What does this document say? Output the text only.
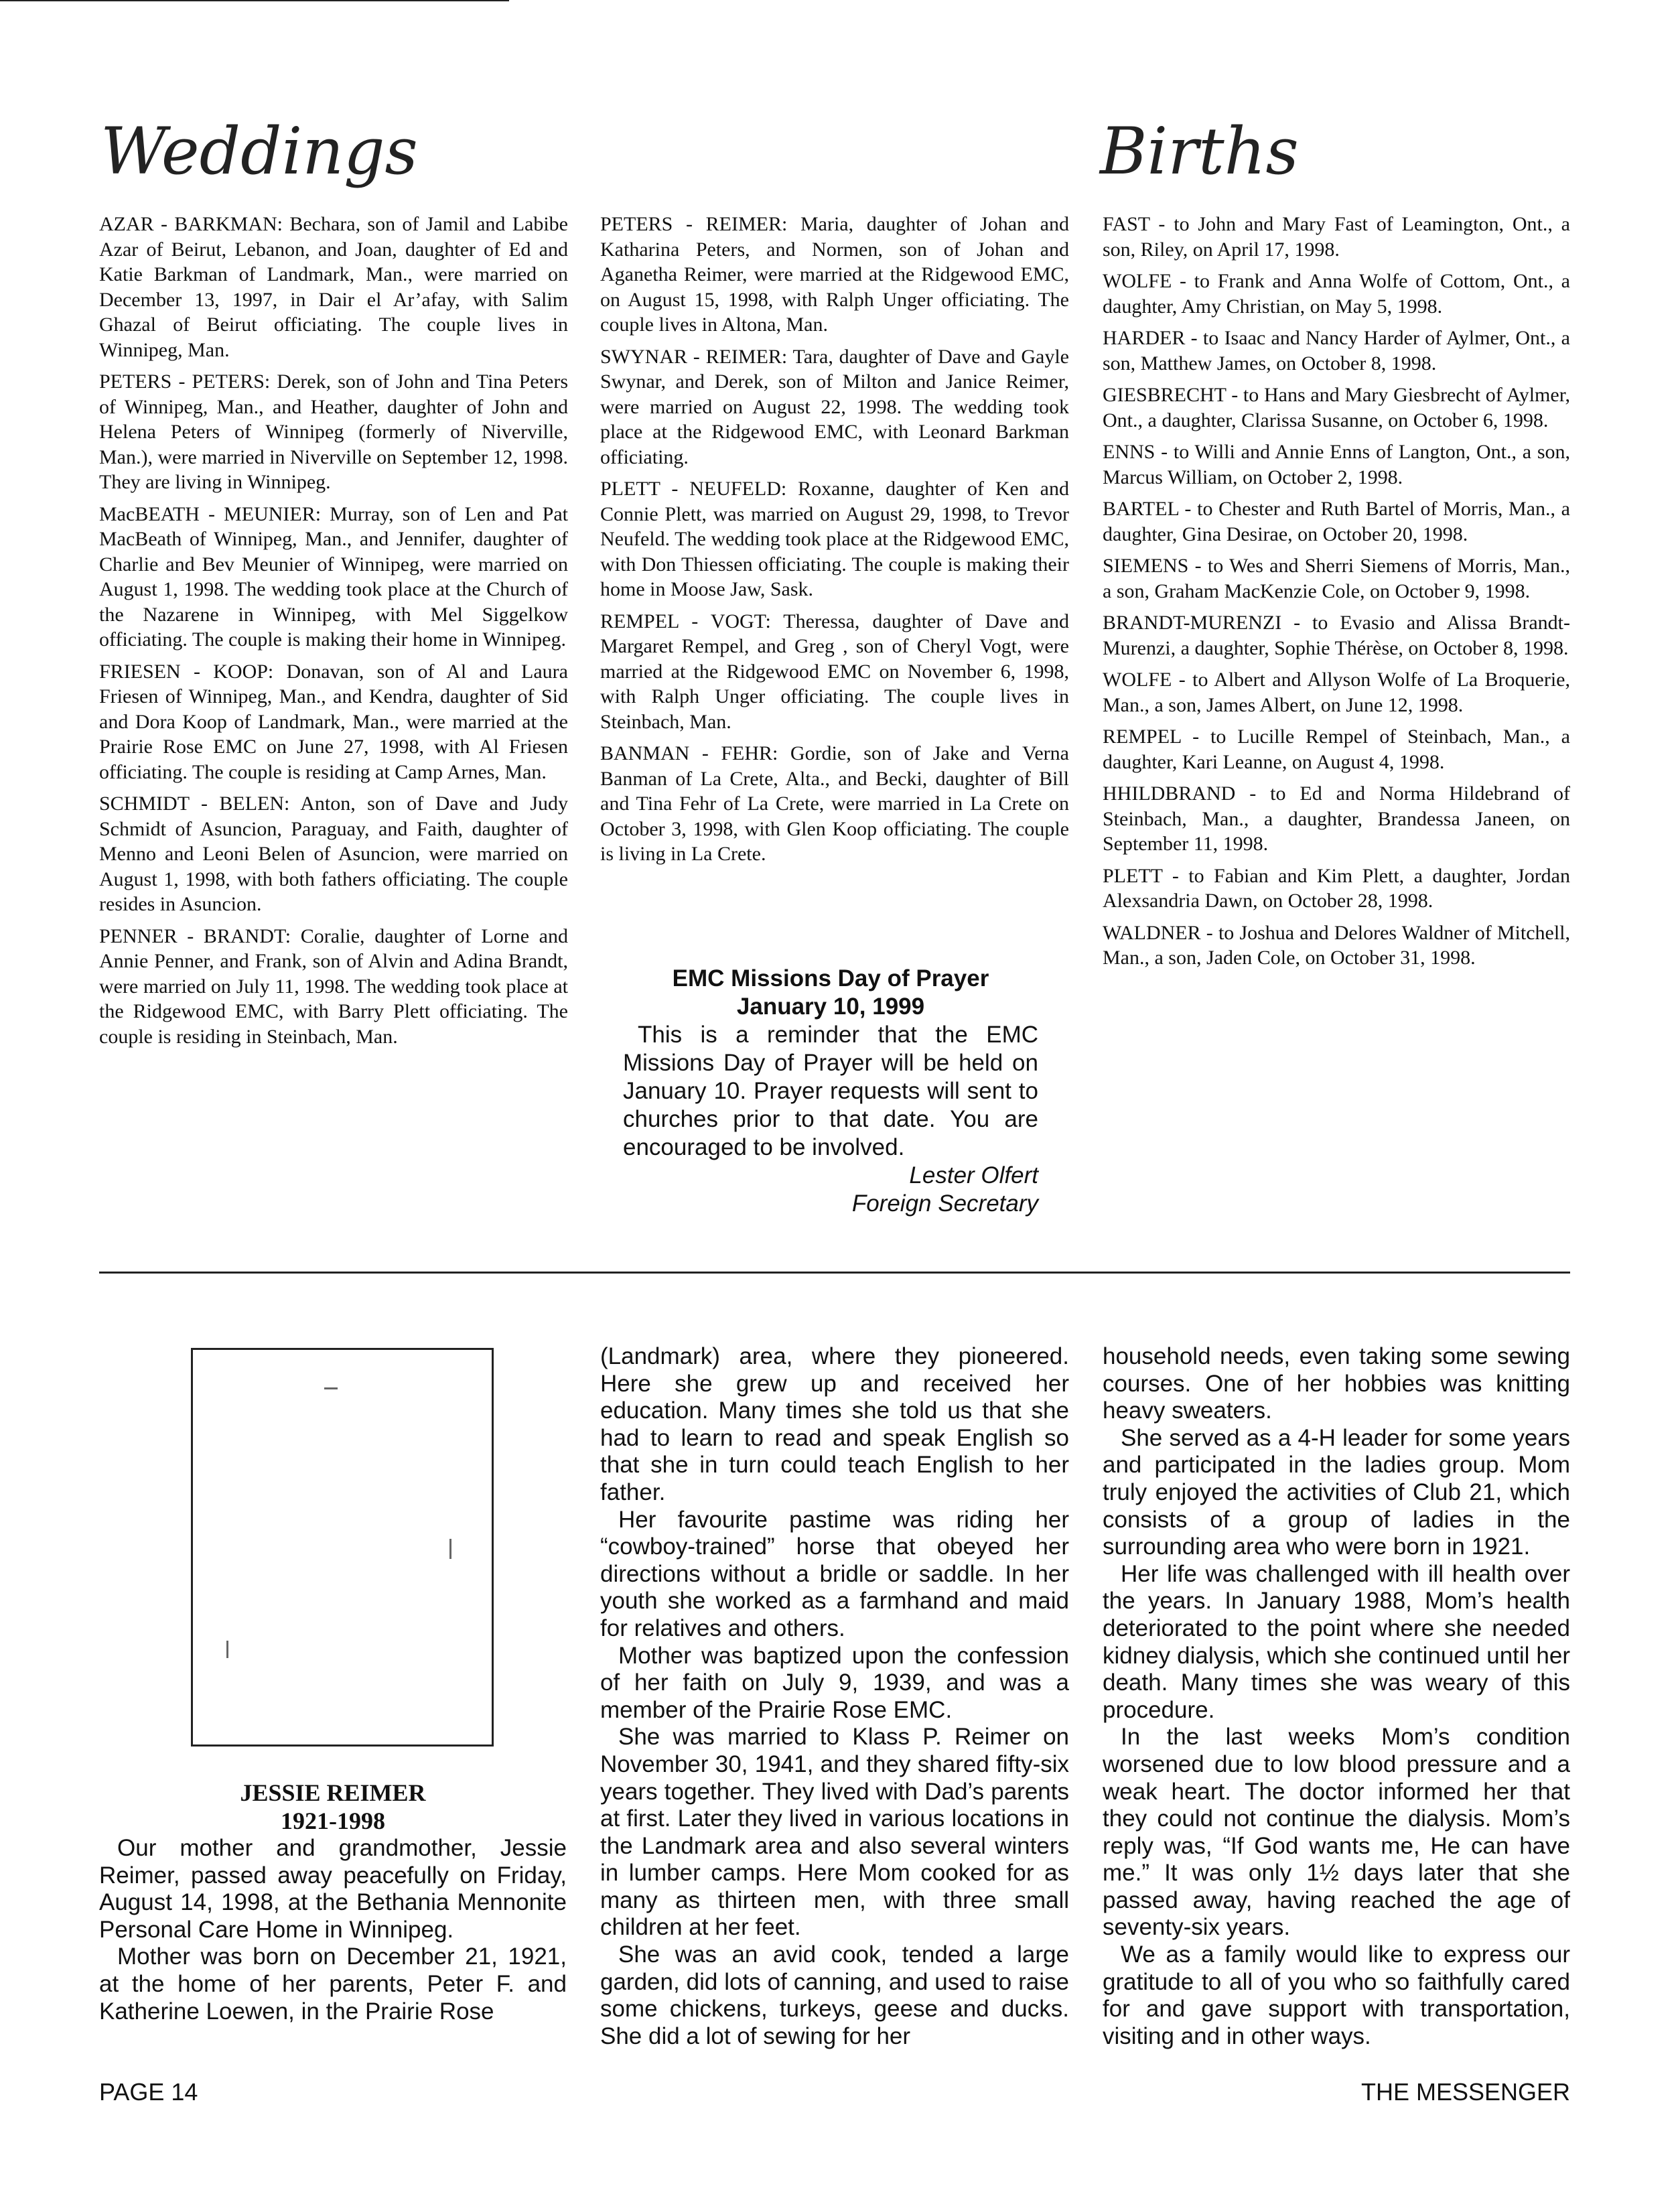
Weddings	Births

AZAR - BARKMAN: Bechara, son of Jamil and Labibe Azar of Beirut, Lebanon, and Joan, daughter of Ed and Katie Barkman of Landmark, Man., were married on December 13, 1997, in Dair el Ar’afay, with Salim Ghazal of Beirut officiating. The couple lives in Winnipeg, Man.

PETERS - PETERS: Derek, son of John and Tina Peters of Winnipeg, Man., and Heather, daughter of John and Helena Peters of Winnipeg (formerly of Niverville, Man.), were married in Niverville on September 12, 1998. They are living in Winnipeg.

MacBEATH - MEUNIER: Murray, son of Len and Pat MacBeath of Winnipeg, Man., and Jennifer, daughter of Charlie and Bev Meunier of Winnipeg, were married on August 1, 1998. The wedding took place at the Church of the Nazarene in Winnipeg, with Mel Siggelkow officiating. The couple is making their home in Winnipeg.

FRIESEN - KOOP: Donavan, son of Al and Laura Friesen of Winnipeg, Man., and Kendra, daughter of Sid and Dora Koop of Landmark, Man., were married at the Prairie Rose EMC on June 27, 1998, with Al Friesen officiating. The couple is residing at Camp Arnes, Man.

SCHMIDT - BELEN: Anton, son of Dave and Judy Schmidt of Asuncion, Paraguay, and Faith, daughter of Menno and Leoni Belen of Asuncion, were married on August 1, 1998, with both fathers officiating. The couple resides in Asuncion.

PENNER - BRANDT: Coralie, daughter of Lorne and Annie Penner, and Frank, son of Alvin and Adina Brandt, were married on July 11, 1998. The wedding took place at the Ridgewood EMC, with Barry Plett officiating. The couple is residing in Steinbach, Man.

PETERS - REIMER: Maria, daughter of Johan and Katharina Peters, and Normen, son of Johan and Aganetha Reimer, were married at the Ridgewood EMC, on August 15, 1998, with Ralph Unger officiating. The couple lives in Altona, Man.

SWYNAR - REIMER: Tara, daughter of Dave and Gayle Swynar, and Derek, son of Milton and Janice Reimer, were married on August 22, 1998. The wedding took place at the Ridgewood EMC, with Leonard Barkman officiating.

PLETT - NEUFELD: Roxanne, daughter of Ken and Connie Plett, was married on August 29, 1998, to Trevor Neufeld. The wedding took place at the Ridgewood EMC, with Don Thiessen officiating. The couple is making their home in Moose Jaw, Sask.

REMPEL - VOGT: Theressa, daughter of Dave and Margaret Rempel, and Greg , son of Cheryl Vogt, were married at the Ridgewood EMC on November 6, 1998, with Ralph Unger officiating. The couple lives in Steinbach, Man.

BANMAN - FEHR: Gordie, son of Jake and Verna Banman of La Crete, Alta., and Becki, daughter of Bill and Tina Fehr of La Crete, were married in La Crete on October 3, 1998, with Glen Koop officiating. The couple is living in La Crete.

EMC Missions Day of Prayer
January 10, 1999
This is a reminder that the EMC Missions Day of Prayer will be held on January 10. Prayer requests will sent to churches prior to that date. You are encouraged to be involved.
Lester Olfert
Foreign Secretary

FAST - to John and Mary Fast of Leamington, Ont., a son, Riley, on April 17, 1998.

WOLFE - to Frank and Anna Wolfe of Cottom, Ont., a daughter, Amy Christian, on May 5, 1998.

HARDER - to Isaac and Nancy Harder of Aylmer, Ont., a son, Matthew James, on October 8, 1998.

GIESBRECHT - to Hans and Mary Giesbrecht of Aylmer, Ont., a daughter, Clarissa Susanne, on October 6, 1998.

ENNS - to Willi and Annie Enns of Langton, Ont., a son, Marcus William, on October 2, 1998.

BARTEL - to Chester and Ruth Bartel of Morris, Man., a daughter, Gina Desirae, on October 20, 1998.

SIEMENS - to Wes and Sherri Siemens of Morris, Man., a son, Graham MacKenzie Cole, on October 9, 1998.

BRANDT-MURENZI - to Evasio and Alissa Brandt-Murenzi, a daughter, Sophie Thérèse, on October 8, 1998.

WOLFE - to Albert and Allyson Wolfe of La Broquerie, Man., a son, James Albert, on June 12, 1998.

REMPEL - to Lucille Rempel of Steinbach, Man., a daughter, Kari Leanne, on August 4, 1998.

HHILDBRAND - to Ed and Norma Hildebrand of Steinbach, Man., a daughter, Brandessa Janeen, on September 11, 1998.

PLETT - to Fabian and Kim Plett, a daughter, Jordan Alexsandria Dawn, on October 28, 1998.

WALDNER - to Joshua and Delores Waldner of Mitchell, Man., a son, Jaden Cole, on October 31, 1998.

JESSIE REIMER
1921-1998

Our mother and grandmother, Jessie Reimer, passed away peacefully on Friday, August 14, 1998, at the Bethania Mennonite Personal Care Home in Winnipeg.

Mother was born on December 21, 1921, at the home of her parents, Peter F. and Katherine Loewen, in the Prairie Rose

(Landmark) area, where they pioneered. Here she grew up and received her education. Many times she told us that she had to learn to read and speak English so that she in turn could teach English to her father.

Her favourite pastime was riding her “cowboy-trained” horse that obeyed her directions without a bridle or saddle. In her youth she worked as a farmhand and maid for relatives and others.

Mother was baptized upon the confession of her faith on July 9, 1939, and was a member of the Prairie Rose EMC.

She was married to Klass P. Reimer on November 30, 1941, and they shared fifty-six years together. They lived with Dad’s parents at first. Later they lived in various locations in the Landmark area and also several winters in lumber camps. Here Mom cooked for as many as thirteen men, with three small children at her feet.

She was an avid cook, tended a large garden, did lots of canning, and used to raise some chickens, turkeys, geese and ducks. She did a lot of sewing for her

household needs, even taking some sewing courses. One of her hobbies was knitting heavy sweaters.

She served as a 4-H leader for some years and participated in the ladies group. Mom truly enjoyed the activities of Club 21, which consists of a group of ladies in the surrounding area who were born in 1921.

Her life was challenged with ill health over the years. In January 1988, Mom’s health deteriorated to the point where she needed kidney dialysis, which she continued until her death. Many times she was weary of this procedure.

In the last weeks Mom’s condition worsened due to low blood pressure and a weak heart. The doctor informed her that they could not continue the dialysis. Mom’s reply was, “If God wants me, He can have me.” It was only 1½ days later that she passed away, having reached the age of seventy-six years.

We as a family would like to express our gratitude to all of you who so faithfully cared for and gave support with transportation, visiting and in other ways.

PAGE 14	THE MESSENGER
